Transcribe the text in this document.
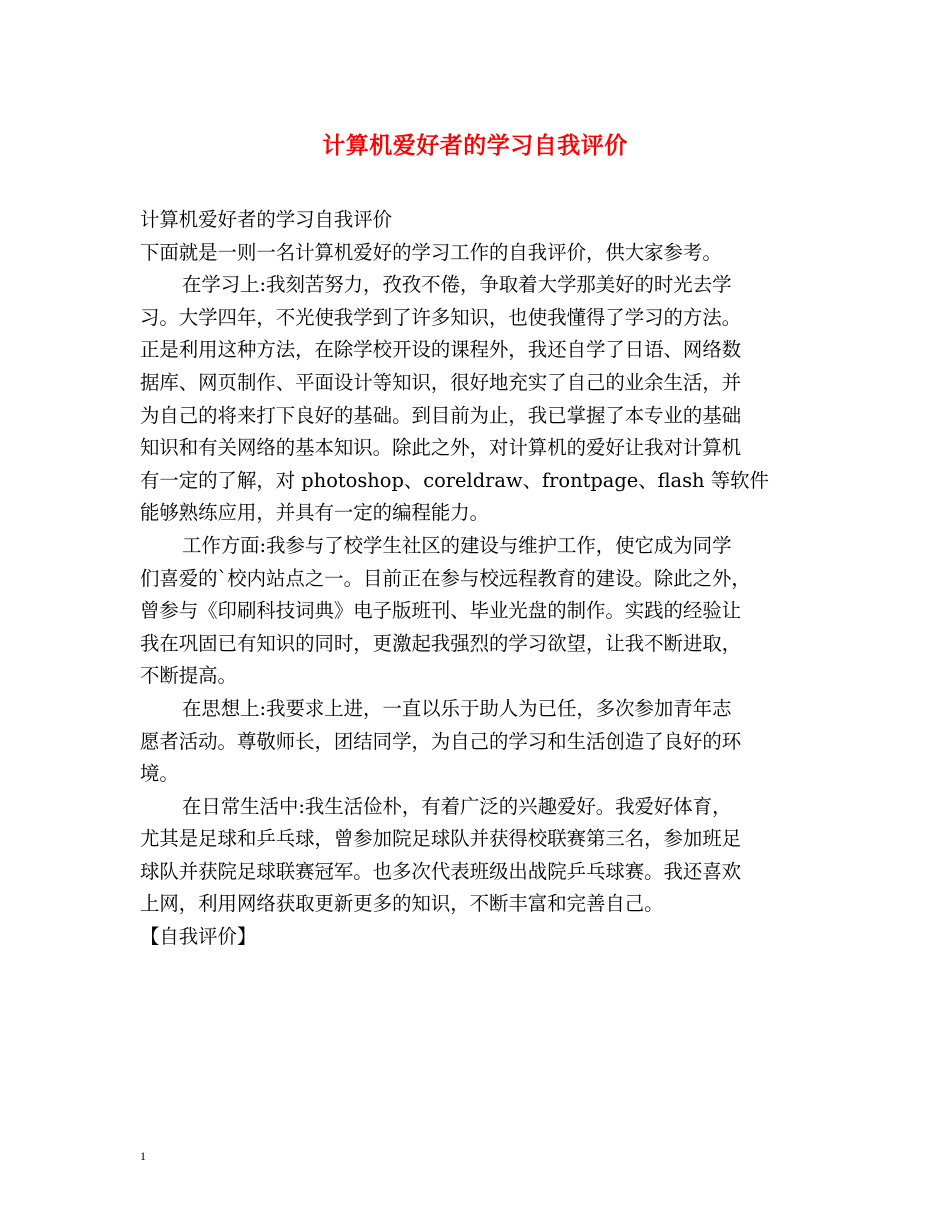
计算机爱好者的学习自我评价
计算机爱好者的学习自我评价
下面就是一则一名计算机爱好的学习工作的自我评价，供大家参考。
在学习上:我刻苦努力，孜孜不倦，争取着大学那美好的时光去学
习。大学四年，不光使我学到了许多知识，也使我懂得了学习的方法。
正是利用这种方法，在除学校开设的课程外，我还自学了日语、网络数
据库、网页制作、平面设计等知识，很好地充实了自己的业余生活，并
为自己的将来打下良好的基础。到目前为止，我已掌握了本专业的基础
知识和有关网络的基本知识。除此之外，对计算机的爱好让我对计算机
有一定的了解，对 photoshop、coreldraw、frontpage、flash 等软件
能够熟练应用，并具有一定的编程能力。
工作方面:我参与了校学生社区的建设与维护工作，使它成为同学
们喜爱的`校内站点之一。目前正在参与校远程教育的建设。除此之外，
曾参与《印刷科技词典》电子版班刊、毕业光盘的制作。实践的经验让
我在巩固已有知识的同时，更激起我强烈的学习欲望，让我不断进取，
不断提高。
在思想上:我要求上进，一直以乐于助人为已任，多次参加青年志
愿者活动。尊敬师长，团结同学，为自己的学习和生活创造了良好的环
境。
在日常生活中:我生活俭朴，有着广泛的兴趣爱好。我爱好体育，
尤其是足球和乒乓球，曾参加院足球队并获得校联赛第三名，参加班足
球队并获院足球联赛冠军。也多次代表班级出战院乒乓球赛。我还喜欢
上网，利用网络获取更新更多的知识，不断丰富和完善自己。
【自我评价】
1
